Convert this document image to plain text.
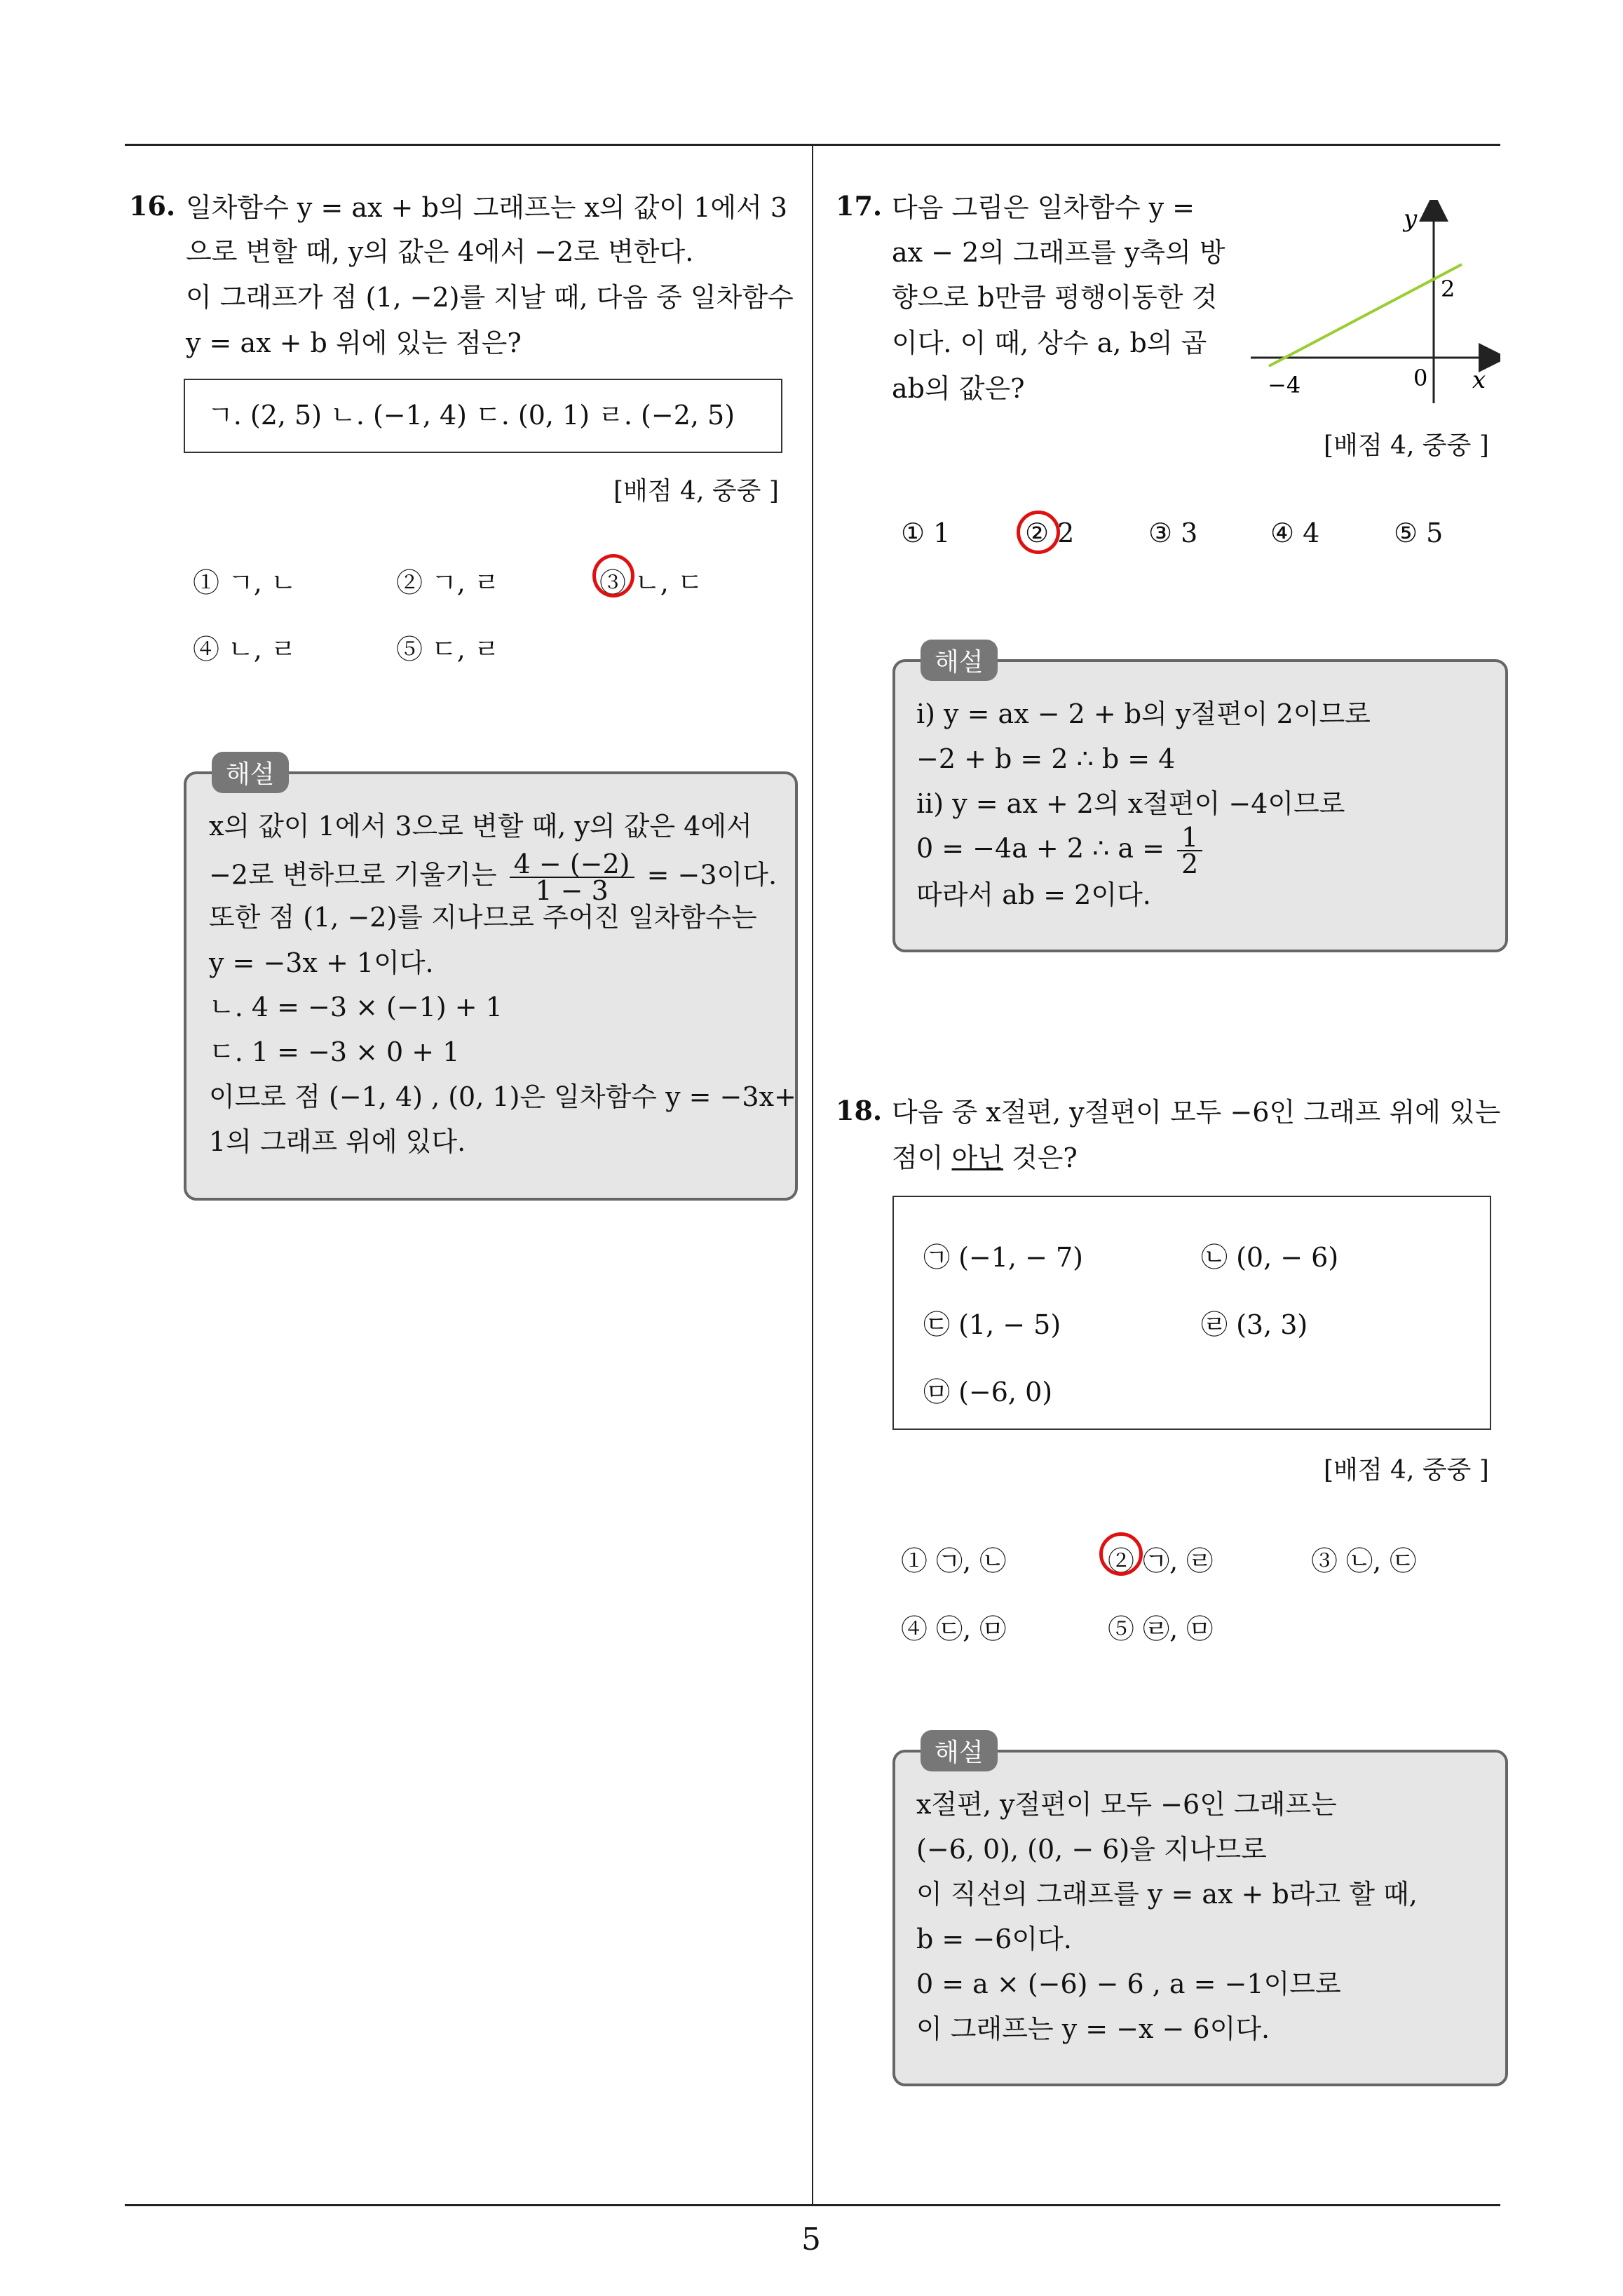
5
16. 일차함수 y = ax + b의 그래프는 x의 값이 1에서 3
으로 변할 때, y의 값은 4에서 −2로 변한다.
이 그래프가 점 (1, −2)를 지날 때, 다음 중 일차함수
y = ax + b 위에 있는 점은?
ㄱ. (2, 5) ㄴ. (−1, 4) ㄷ. (0, 1) ㄹ. (−2, 5)
[배점 4, 중중 ]
① ㄱ, ㄴ	② ㄱ, ㄹ	③ ㄴ, ㄷ
④ ㄴ, ㄹ	⑤ ㄷ, ㄹ
x의 값이 1에서 3으로 변할 때, y의 값은 4에서
−2로 변하므로 기울기는 $\frac{4 - (-2)}{1 - 3} = -3$이다.
또한 점 (1, −2)를 지나므로 주어진 일차함수는
y = −3x + 1이다.
ㄴ. 4 = −3 × (−1) + 1
ㄷ. 1 = −3 × 0 + 1
이므로 점 (−1, 4) , (0, 1)은 일차함수 y = −3x+
1의 그래프 위에 있다.
해설
17. 다음 그림은 일차함수 y =
ax − 2의 그래프를 y축의 방
향으로 b만큼 평행이동한 것
이다. 이 때, 상수 a, b의 곱
ab의 값은?
y
x
0
2
−4
[배점 4, 중중 ]
① 1	② 2	③ 3	④ 4	⑤ 5
ⅰ) y = ax − 2 + b의 y절편이 2이므로
−2 + b = 2 ∴ b = 4
ⅱ) y = ax + 2의 x절편이 −4이므로
0 = −4a + 2 ∴ $a = \frac{1}{2}$
따라서 ab = 2이다.
해설
18. 다음 중 x절편, y절편이 모두 −6인 그래프 위에 있는
점이 아닌 것은?
㉠ (−1, − 7)	㉡ (0, − 6)
㉢ (1, − 5)	㉣ (3, 3)
㉤ (−6, 0)
[배점 4, 중중 ]
① ㉠, ㉡	② ㉠, ㉣	③ ㉡, ㉢
④ ㉢, ㉤	⑤ ㉣, ㉤
x절편, y절편이 모두 −6인 그래프는
(−6, 0), (0, − 6)을 지나므로
이 직선의 그래프를 y = ax + b라고 할 때,
b = −6이다.
0 = a × (−6) − 6 , a = −1이므로
이 그래프는 y = −x − 6이다.
해설
